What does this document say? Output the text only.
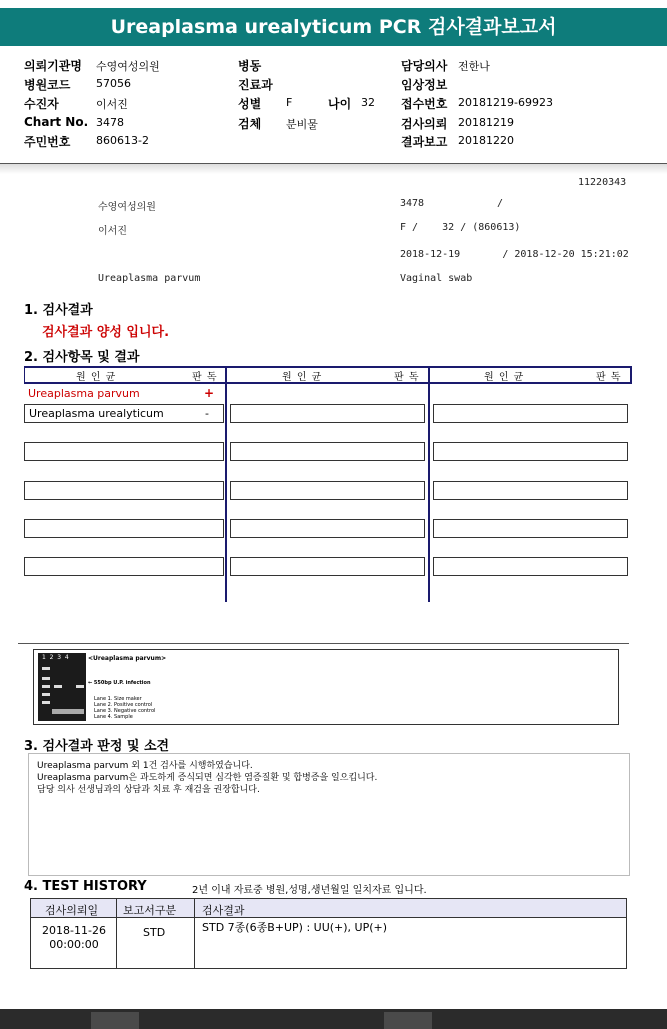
Ureaplasma urealyticum PCR 검사결과보고서
의뢰기관명 수영여성의원
병원코드 57056
수진자	이서진
Chart No. 3478
주민번호 860613-2
병동
진료과
성별 F	나이 32
검체 분비물
담당의사 전한나
임상정보
접수번호 20181219-69923
검사의뢰 20181219
결과보고 20181220
11220343
수영여성의원	3478	/
이서진	F /    32 / (860613)
2018-12-19       / 2018-12-20 15:21:02
Ureaplasma parvum	Vaginal swab
1. 검사결과
검사결과 양성 입니다.
2. 검사항목 및 결과
원 인 균	판 독	원 인 균	판 독	원 인 균	판 독
Ureaplasma parvum	+
Ureaplasma urealyticum	-
1  2  3  4	<Ureaplasma parvum>
← 550bp U.P. infection
Lane 1. Size maker
Lane 2. Positive control
Lane 3. Negative control
Lane 4. Sample
3. 검사결과 판정 및 소견
Ureaplasma parvum 외 1건 검사를 시행하였습니다.
Ureaplasma parvum은 과도하게 증식되면 심각한 염증질환 및 합병증을 일으킵니다.
담당 의사 선생님과의 상담과 치료 후 재검을 권장합니다.
4. TEST HISTORY	2년 이내 자료중 병원,성명,생년월일 일치자료 입니다.
검사의뢰일 보고서구분 검사결과
2018-11-26
00:00:00
STD	STD 7종(6종B+UP) : UU(+), UP(+)
